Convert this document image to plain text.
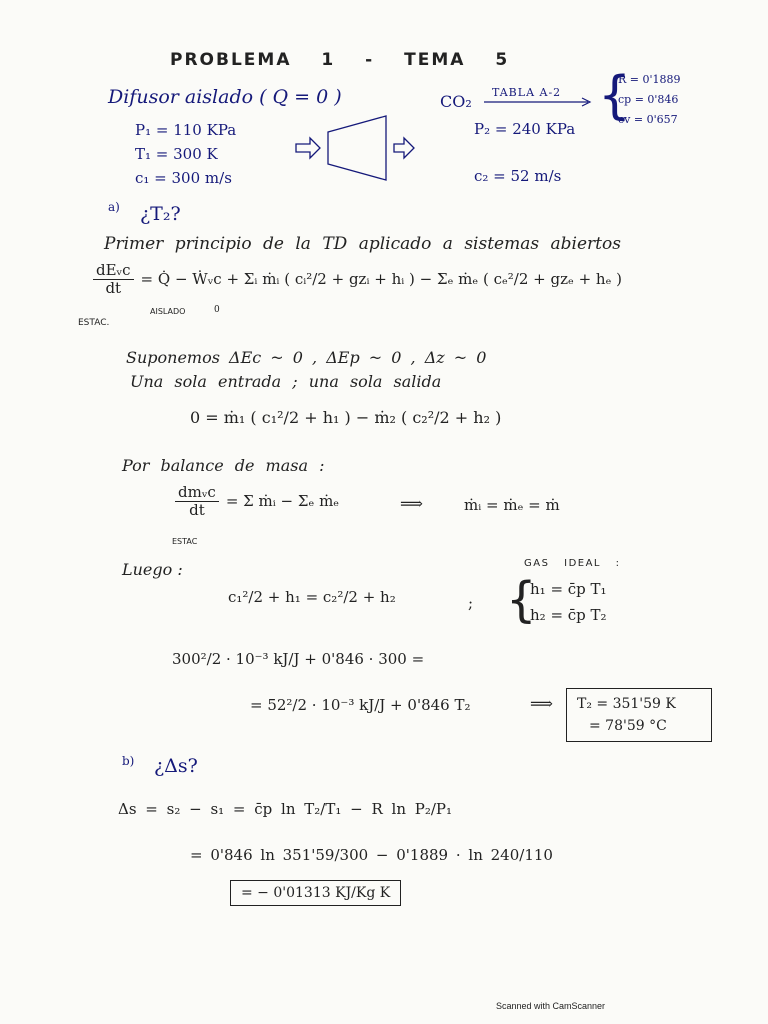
PROBLEMA 1 - TEMA 5
Difusor aislado ( Q = 0 )	CO₂ TABLA A-2 {
R = 0'1889
cp = 0'846
cv = 0'657
P₁ = 110 KPa
T₁ = 300 K
c₁ = 300 m/s
P₂ = 240 KPa
c₂ = 52 m/s
a) ¿T₂?
Primer principio de la TD aplicado a sistemas abiertos
$\frac{\text{dEᵥc}}{dt}$ = Q̇ − Ẇᵥc + Σᵢ ṁᵢ ( cᵢ²/2 + gzᵢ + hᵢ ) − Σₑ ṁₑ ( cₑ²/2 + gzₑ + hₑ )
ESTAC.
AISLADO	0
Suponemos ΔEc ~ 0 , ΔEp ~ 0 , Δz ~ 0
Una sola entrada ; una sola salida
0 = ṁ₁ ( c₁²/2 + h₁ ) − ṁ₂ ( c₂²/2 + h₂ )
Por balance de masa :
$\frac{\text{dmᵥc}}{dt} = \Sigma$ ṁᵢ − Σₑ ṁₑ	⟹	ṁᵢ = ṁₑ = ṁ
ESTAC
Luego :
c₁²/2 + h₁ = c₂²/2 + h₂	;
GAS IDEAL :
{
h₁ = c̄p T₁
h₂ = c̄p T₂
300²/2 · 10⁻³ kJ/J + 0'846 · 300 =
= 52²/2 · 10⁻³ kJ/J + 0'846 T₂	⟹ T₂ = 351'59 K
= 78'59 °C
b) ¿Δs?
Δs = s₂ − s₁ = c̄p ln T₂/T₁ − R ln P₂/P₁
= 0'846 ln 351'59/300 − 0'1889 · ln 240/110
= − 0'01313 KJ/Kg K
Scanned with CamScanner
